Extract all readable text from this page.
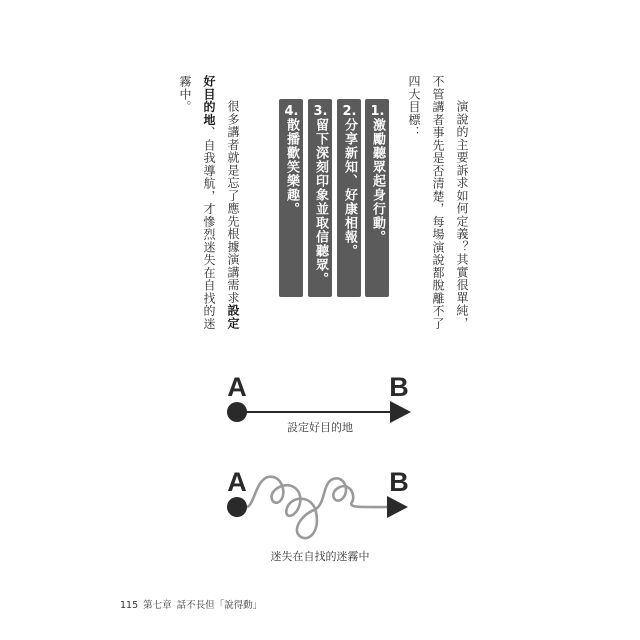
演說的主要訴求如何定義？其實很單純，
不管講者事先是否清楚，每場演說都脫離不了
四大目標：
1.激勵聽眾起身行動。
2.分享新知、好康相報。
3.留下深刻印象並取信聽眾。
4.散播歡笑樂趣。
很多講者就是忘了應先根據演講需求設定
好目的地、自我導航，才慘烈迷失在自找的迷
霧中。
A	B
設定好目的地
A	B
迷失在自找的迷霧中
115 第七章 話不長但「說得動」
